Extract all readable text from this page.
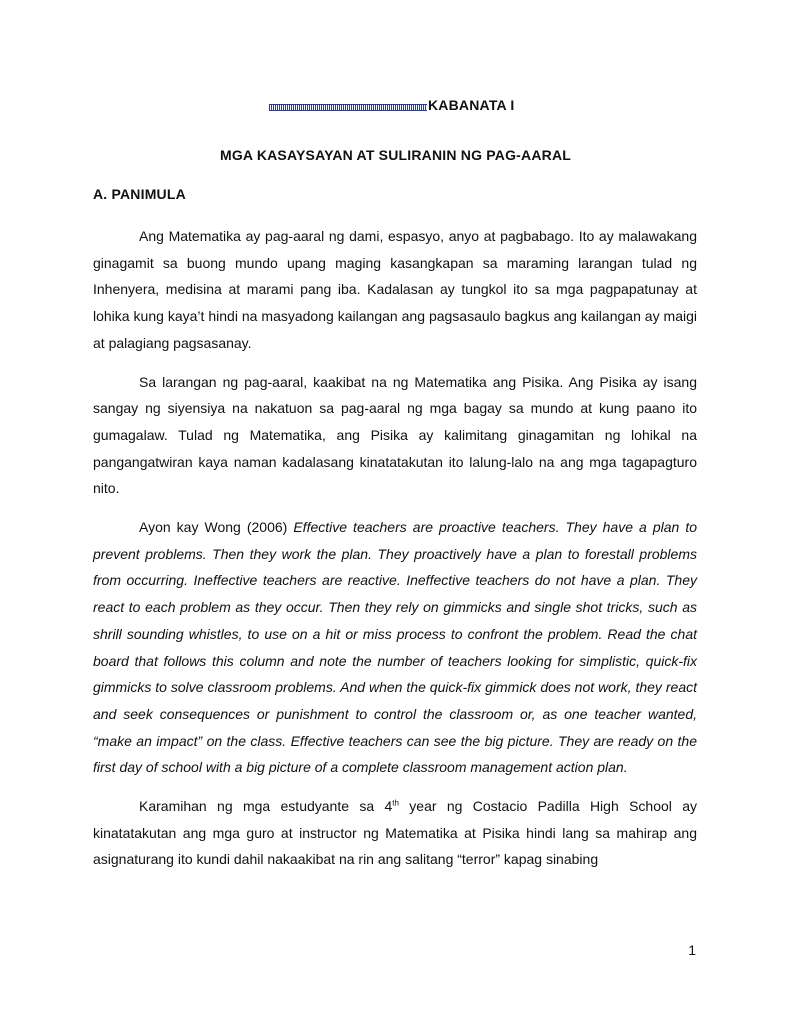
KABANATA I
MGA KASAYSAYAN AT SULIRANIN NG PAG-AARAL
A. PANIMULA

Ang Matematika ay pag-aaral ng dami, espasyo, anyo at pagbabago. Ito ay malawakang ginagamit sa buong mundo upang maging kasangkapan sa maraming larangan tulad ng Inhenyera, medisina at marami pang iba. Kadalasan ay tungkol ito sa mga pagpapatunay at lohika kung kaya’t hindi na masyadong kailangan ang pagsasaulo bagkus ang kailangan ay maigi at palagiang pagsasanay.

Sa larangan ng pag-aaral, kaakibat na ng Matematika ang Pisika. Ang Pisika ay isang sangay ng siyensiya na nakatuon sa pag-aaral ng mga bagay sa mundo at kung paano ito gumagalaw. Tulad ng Matematika, ang Pisika ay kalimitang ginagamitan ng lohikal na pangangatwiran kaya naman kadalasang kinatatakutan ito lalung-lalo na ang mga tagapagturo nito.

Ayon kay Wong (2006) Effective teachers are proactive teachers. They have a plan to prevent problems. Then they work the plan. They proactively have a plan to forestall problems from occurring. Ineffective teachers are reactive. Ineffective teachers do not have a plan. They react to each problem as they occur. Then they rely on gimmicks and single shot tricks, such as shrill sounding whistles, to use on a hit or miss process to confront the problem. Read the chat board that follows this column and note the number of teachers looking for simplistic, quick-fix gimmicks to solve classroom problems. And when the quick-fix gimmick does not work, they react and seek consequences or punishment to control the classroom or, as one teacher wanted, “make an impact” on the class. Effective teachers can see the big picture. They are ready on the first day of school with a big picture of a complete classroom management action plan.

Karamihan ng mga estudyante sa 4th year ng Costacio Padilla High School ay kinatatakutan ang mga guro at instructor ng Matematika at Pisika hindi lang sa mahirap ang asignaturang ito kundi dahil nakaakibat na rin ang salitang “terror” kapag sinabing

1
